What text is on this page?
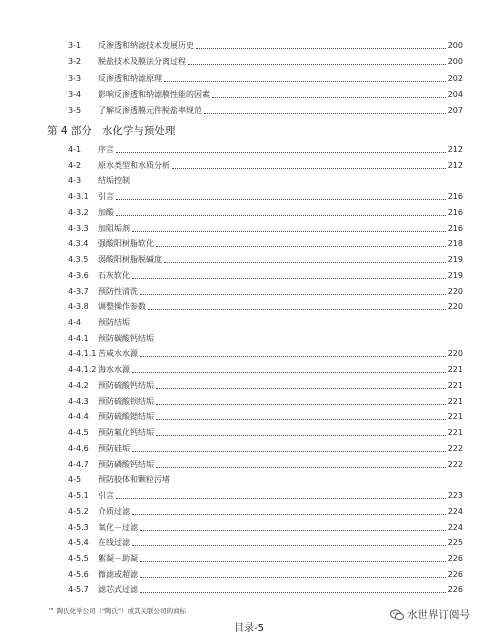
3-1 反渗透和纳滤技术发展历史	200
3-2 脱盐技术及膜法分离过程	200
3-3 反渗透和纳滤原理	202
3-4 影响反渗透和纳滤膜性能的因素	204
3-5 了解反渗透膜元件脱盐率规范	207
第 4 部分 水化学与预处理
4-1 序言	212
4-2 原水类型和水质分析	212
4-3 结垢控制
4-3.1 引言	216
4-3.2 加酸	216
4-3.3 加阻垢剂	216
4.3.4 强酸阳树脂软化	218
4.3.5 弱酸阳树脂脱碱度	219
4-3.6 石灰软化	219
4-3.7 预防性清洗	220
4-3.8 调整操作参数	220
4-4 预防结垢
4-4.1 预防碳酸钙结垢
4-4.1.1 苦咸水水源	220
4-4.1.2 海水水源	221
4-4.2 预防硫酸钙结垢	221
4-4.3 预防硫酸钡结垢	221
4-4.4 预防硫酸锶结垢	221
4-4.5 预防氟化钙结垢	221
4-4.6 预防硅垢	222
4-4.7 预防磷酸钙结垢	222
4-5 预防胶体和颗粒污堵
4-5.1 引言	223
4-5.2 介质过滤	224
4-5.3 氧化－过滤	224
4-5.4 在线过滤	225
4-5.5 絮凝－助凝	226
4-5.6 微滤或超滤	226
4-5.7 滤芯式过滤	226
™ 陶氏化学公司（"陶氏"）或其关联公司的商标
目录-5
水世界订阅号
